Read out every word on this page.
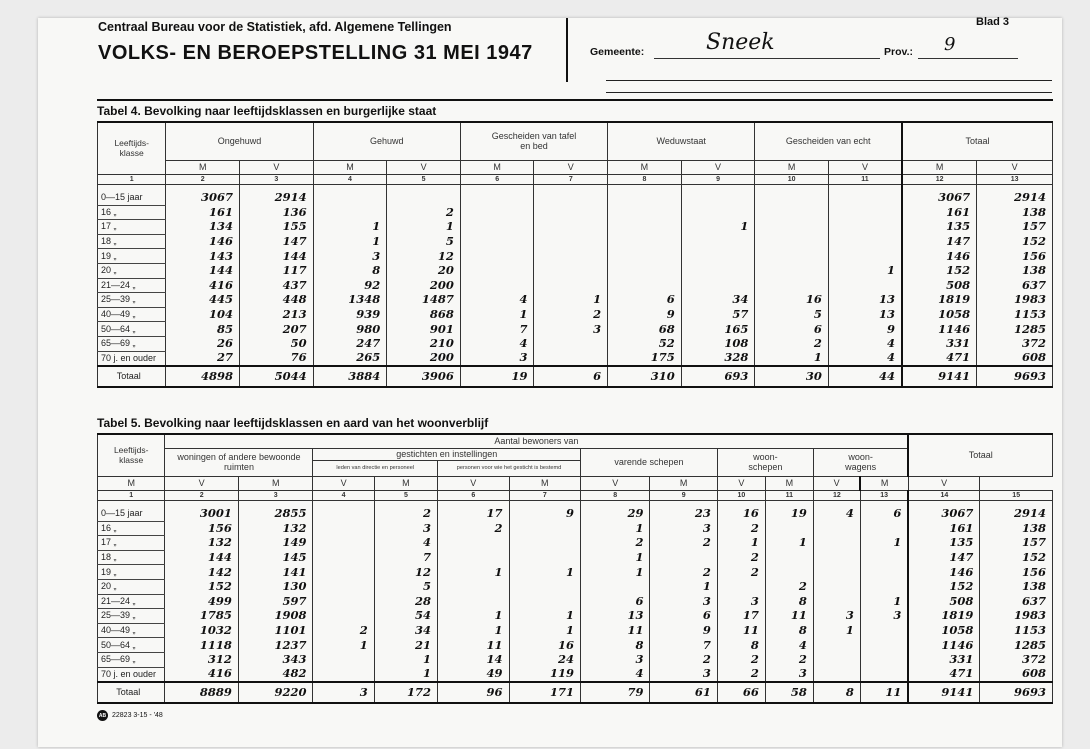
Centraal Bureau voor de Statistiek, afd. Algemene Tellingen
VOLKS- EN BEROEPSTELLING 31 MEI 1947
Blad 3
Gemeente:	Sneek	Prov.: 9
Tabel 4. Bevolking naar leeftijdsklassen en burgerlijke staat
Leeftijds-klasse	Ongehuwd		Gehuwd		Gescheiden van tafel en bed		Weduwstaat		Gescheiden van echt		Totaal	
	M	V	M	V	M	V	M	V	M	V	M	V
1	2	3	4	5	6	7	8	9	10	11	12	13

0—15 jaar	3067	2914									3067	2914
16 „	161	136		2							161	138
17 „	134	155	1	1				1			135	157
18 „	146	147	1	5							147	152
19 „	143	144	3	12							146	156
20 „	144	117	8	20						1	152	138
21—24 „	416	437	92	200							508	637
25—39 „	445	448	1348	1487	4	1	6	34	16	13	1819	1983
40—49 „	104	213	939	868	1	2	9	57	5	13	1058	1153
50—64 „	85	207	980	901	7	3	68	165	6	9	1146	1285
65—69 „	26	50	247	210	4		52	108	2	4	331	372
70 j. en ouder	27	76	265	200	3		175	328	1	4	471	608
Totaal	4898	5044	3884	3906	19	6	310	693	30	44	9141	9693
Tabel 5. Bevolking naar leeftijdsklassen en aard van het woonverblijf
Leeftijds-klasse	Aantal bewoners van												Totaal	
	woningen of andere bewoonde ruimten		gestichten en instellingen				varende schepen		woon-schepen		woon-wagens			
			leden van directie en personeel		personen voor wie het gesticht is bestemd									
M	V	M	V	M	V	M	V	M	V	M	V	M	V	
1	2	3	4	5	6	7	8	9	10	11	12	13	14	15

0—15 jaar	3001	2855		2	17	9	29	23	16	19	4	6	3067	2914
16 „	156	132		3	2		1	3	2				161	138
17 „	132	149		4			2	2	1	1		1	135	157
18 „	144	145		7			1		2				147	152
19 „	142	141		12	1	1	1	2	2				146	156
20 „	152	130		5				1		2			152	138
21—24 „	499	597		28			6	3	3	8		1	508	637
25—39 „	1785	1908		54	1	1	13	6	17	11	3	3	1819	1983
40—49 „	1032	1101	2	34	1	1	11	9	11	8	1		1058	1153
50—64 „	1118	1237	1	21	11	16	8	7	8	4			1146	1285
65—69 „	312	343		1	14	24	3	2	2	2			331	372
70 j. en ouder	416	482		1	49	119	4	3	2	3			471	608
Totaal	8889	9220	3	172	96	171	79	61	66	58	8	11	9141	9693
AB 22823 3-15 - '48
